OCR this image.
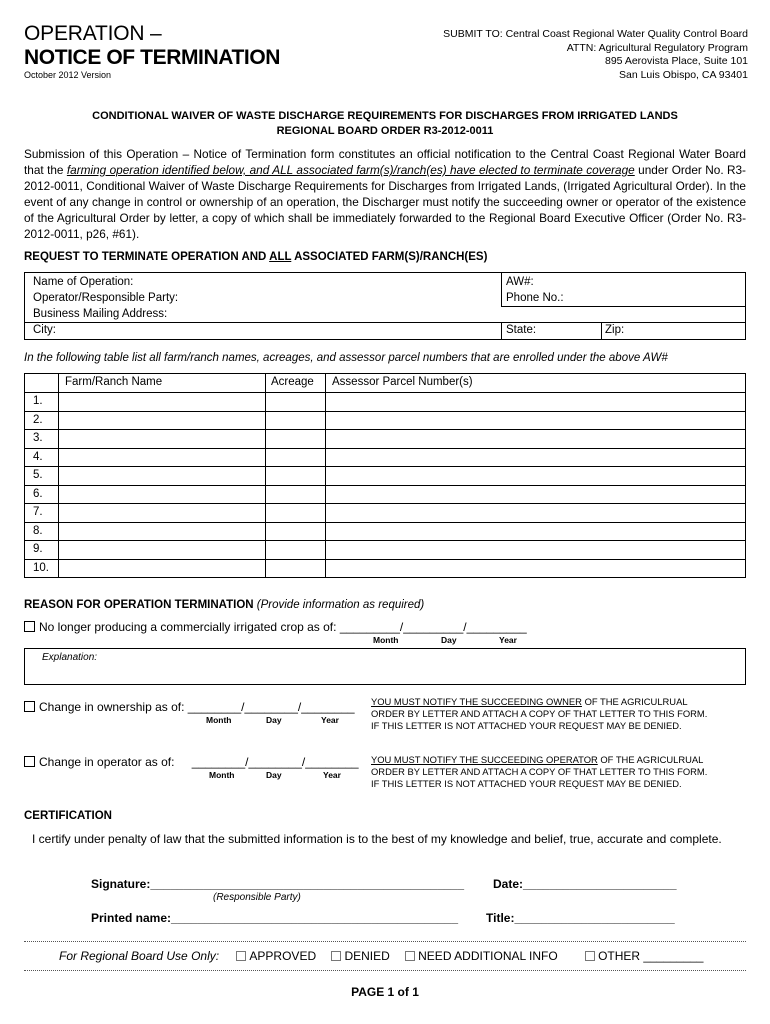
OPERATION –
NOTICE OF TERMINATION
October 2012 Version
SUBMIT TO: Central Coast Regional Water Quality Control Board
ATTN: Agricultural Regulatory Program
895 Aerovista Place, Suite 101
San Luis Obispo, CA 93401
CONDITIONAL WAIVER OF WASTE DISCHARGE REQUIREMENTS FOR DISCHARGES FROM IRRIGATED LANDS
REGIONAL BOARD ORDER R3-2012-0011
Submission of this Operation – Notice of Termination form constitutes an official notification to the Central Coast Regional Water Board that the farming operation identified below, and ALL associated farm(s)/ranch(es) have elected to terminate coverage under Order No. R3-2012-0011, Conditional Waiver of Waste Discharge Requirements for Discharges from Irrigated Lands, (Irrigated Agricultural Order). In the event of any change in control or ownership of an operation, the Discharger must notify the succeeding owner or operator of the existence of the Agricultural Order by letter, a copy of which shall be immediately forwarded to the Regional Board Executive Officer (Order No. R3-2012-0011, p26, #61).
REQUEST TO TERMINATE OPERATION AND ALL ASSOCIATED FARM(S)/RANCH(ES)
Name of Operation:	AW#:
Operator/Responsible Party:	Phone No.:
Business Mailing Address:
City:	State:	Zip:
In the following table list all farm/ranch names, acreages, and assessor parcel numbers that are enrolled under the above AW#
Farm/Ranch Name	Acreage Assessor Parcel Number(s)
1.
2.
3.
4.
5.
6.
7.
8.
9.
10.
REASON FOR OPERATION TERMINATION (Provide information as required)
No longer producing a commercially irrigated crop as of: _________/_________/_________
Month	Day	Year
Explanation:
Change in ownership as of: ________/________/________
Month	Day	Year
YOU MUST NOTIFY THE SUCCEEDING OWNER OF THE AGRICULRUAL
ORDER BY LETTER AND ATTACH A COPY OF THAT LETTER TO THIS FORM.
IF THIS LETTER IS NOT ATTACHED YOUR REQUEST MAY BE DENIED.
Change in operator as of: ________/________/________
Month	Day	Year
YOU MUST NOTIFY THE SUCCEEDING OPERATOR OF THE AGRICULRUAL
ORDER BY LETTER AND ATTACH A COPY OF THAT LETTER TO THIS FORM.
IF THIS LETTER IS NOT ATTACHED YOUR REQUEST MAY BE DENIED.
CERTIFICATION
I certify under penalty of law that the submitted information is to the best of my knowledge and belief, true, accurate and complete.
Signature:_______________________________________________ Date:_______________________
(Responsible Party)
Printed name:___________________________________________ Title:________________________
For Regional Board Use Only:	APPROVED DENIED NEED ADDITIONAL INFO	OTHER _________
PAGE 1 of 1
